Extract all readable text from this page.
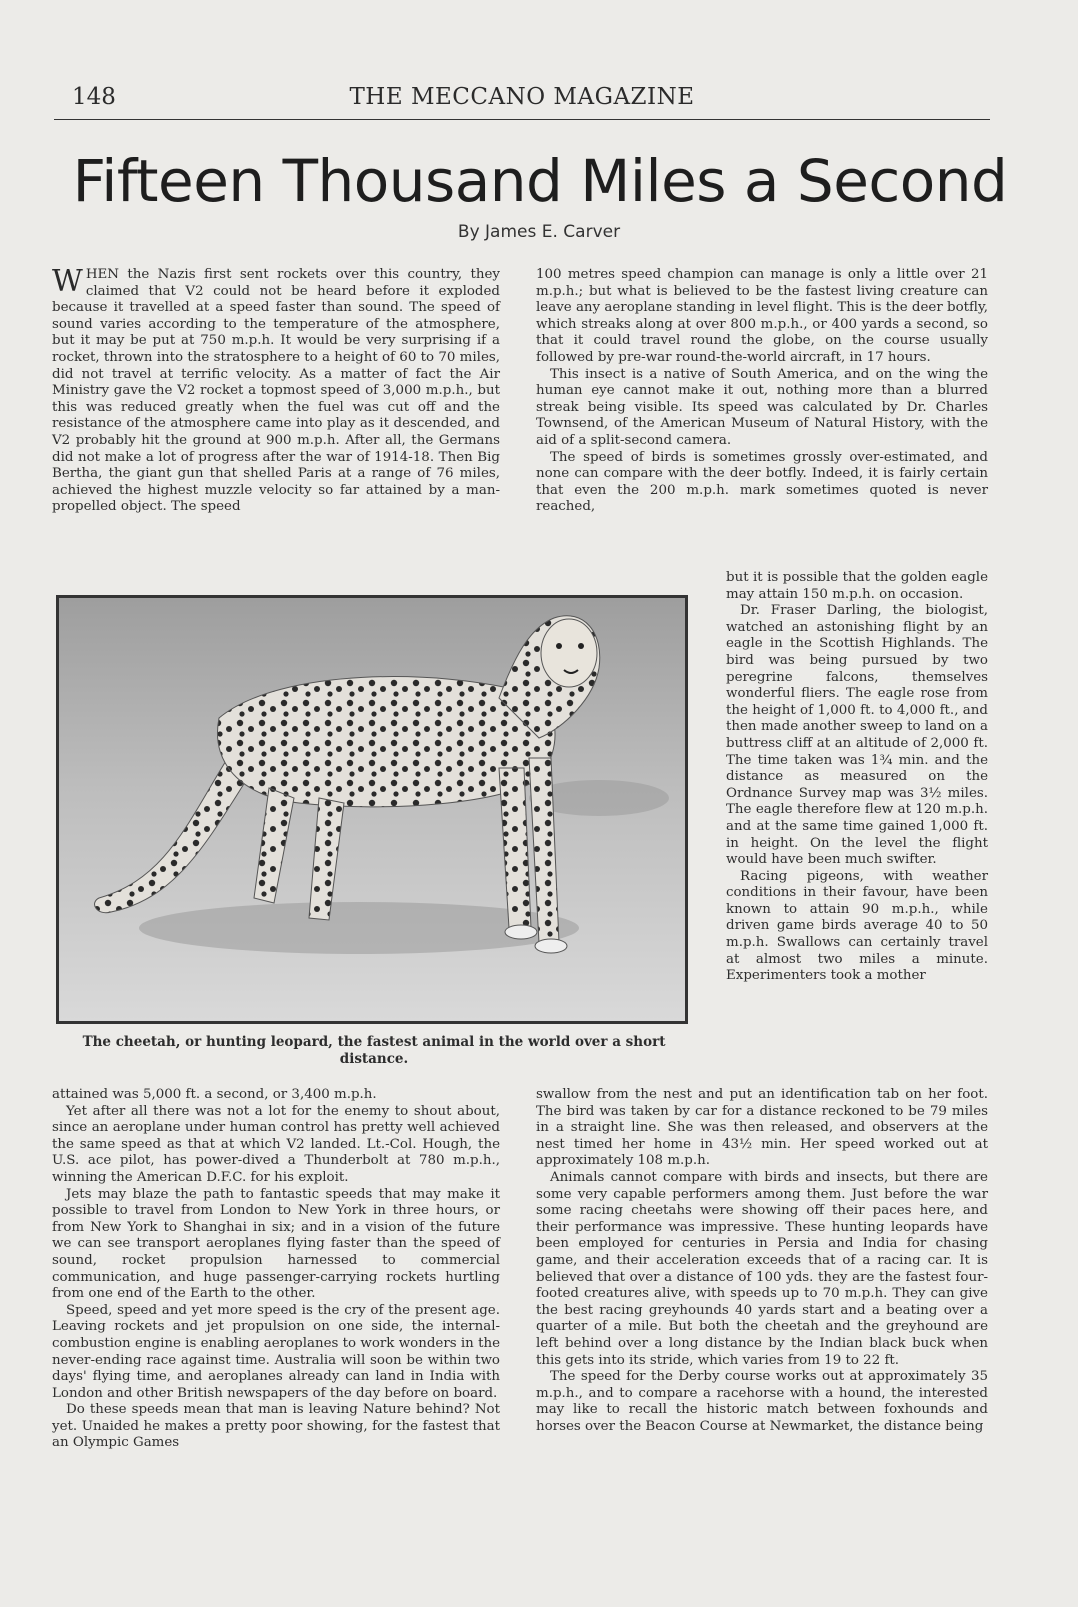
148	THE MECCANO MAGAZINE
Fifteen Thousand Miles a Second
By James E. Carver

WHEN the Nazis first sent rockets over this country, they claimed that V2 could not be heard before it exploded because it travelled at a speed faster than sound. The speed of sound varies according to the temperature of the atmosphere, but it may be put at 750 m.p.h. It would be very surprising if a rocket, thrown into the stratosphere to a height of 60 to 70 miles, did not travel at terrific velocity. As a matter of fact the Air Ministry gave the V2 rocket a topmost speed of 3,000 m.p.h., but this was reduced greatly when the fuel was cut off and the resistance of the atmosphere came into play as it descended, and V2 probably hit the ground at 900 m.p.h. After all, the Germans did not make a lot of progress after the war of 1914-18. Then Big Bertha, the giant gun that shelled Paris at a range of 76 miles, achieved the highest muzzle velocity so far attained by a man-propelled object. The speed

100 metres speed champion can manage is only a little over 21 m.p.h.; but what is believed to be the fastest living creature can leave any aeroplane standing in level flight. This is the deer botfly, which streaks along at over 800 m.p.h., or 400 yards a second, so that it could travel round the globe, on the course usually followed by pre-war round-the-world aircraft, in 17 hours.

This insect is a native of South America, and on the wing the human eye cannot make it out, nothing more than a blurred streak being visible. Its speed was calculated by Dr. Charles Townsend, of the American Museum of Natural History, with the aid of a split-second camera.

The speed of birds is sometimes grossly over-estimated, and none can compare with the deer botfly. Indeed, it is fairly certain that even the 200 m.p.h. mark sometimes quoted is never reached,

The cheetah, or hunting leopard, the fastest animal in the world over a short distance.

but it is possible that the golden eagle may attain 150 m.p.h. on occasion.

Dr. Fraser Darling, the biologist, watched an astonishing flight by an eagle in the Scottish Highlands. The bird was being pursued by two peregrine falcons, themselves wonderful fliers. The eagle rose from the height of 1,000 ft. to 4,000 ft., and then made another sweep to land on a buttress cliff at an altitude of 2,000 ft. The time taken was 1¾ min. and the distance as measured on the Ordnance Survey map was 3½ miles. The eagle therefore flew at 120 m.p.h. and at the same time gained 1,000 ft. in height. On the level the flight would have been much swifter.

Racing pigeons, with weather conditions in their favour, have been known to attain 90 m.p.h., while driven game birds average 40 to 50 m.p.h. Swallows can certainly travel at almost two miles a minute. Experimenters took a mother

attained was 5,000 ft. a second, or 3,400 m.p.h.

Yet after all there was not a lot for the enemy to shout about, since an aeroplane under human control has pretty well achieved the same speed as that at which V2 landed. Lt.-Col. Hough, the U.S. ace pilot, has power-dived a Thunderbolt at 780 m.p.h., winning the American D.F.C. for his exploit.

Jets may blaze the path to fantastic speeds that may make it possible to travel from London to New York in three hours, or from New York to Shanghai in six; and in a vision of the future we can see transport aeroplanes flying faster than the speed of sound, rocket propulsion harnessed to commercial communication, and huge passenger-carrying rockets hurtling from one end of the Earth to the other.

Speed, speed and yet more speed is the cry of the present age. Leaving rockets and jet propulsion on one side, the internal-combustion engine is enabling aeroplanes to work wonders in the never-ending race against time. Australia will soon be within two days' flying time, and aeroplanes already can land in India with London and other British newspapers of the day before on board.

Do these speeds mean that man is leaving Nature behind? Not yet. Unaided he makes a pretty poor showing, for the fastest that an Olympic Games

swallow from the nest and put an identification tab on her foot. The bird was taken by car for a distance reckoned to be 79 miles in a straight line. She was then released, and observers at the nest timed her home in 43½ min. Her speed worked out at approximately 108 m.p.h.

Animals cannot compare with birds and insects, but there are some very capable performers among them. Just before the war some racing cheetahs were showing off their paces here, and their performance was impressive. These hunting leopards have been employed for centuries in Persia and India for chasing game, and their acceleration exceeds that of a racing car. It is believed that over a distance of 100 yds. they are the fastest four-footed creatures alive, with speeds up to 70 m.p.h. They can give the best racing greyhounds 40 yards start and a beating over a quarter of a mile. But both the cheetah and the greyhound are left behind over a long distance by the Indian black buck when this gets into its stride, which varies from 19 to 22 ft.

The speed for the Derby course works out at approximately 35 m.p.h., and to compare a racehorse with a hound, the interested may like to recall the historic match between foxhounds and horses over the Beacon Course at Newmarket, the distance being
